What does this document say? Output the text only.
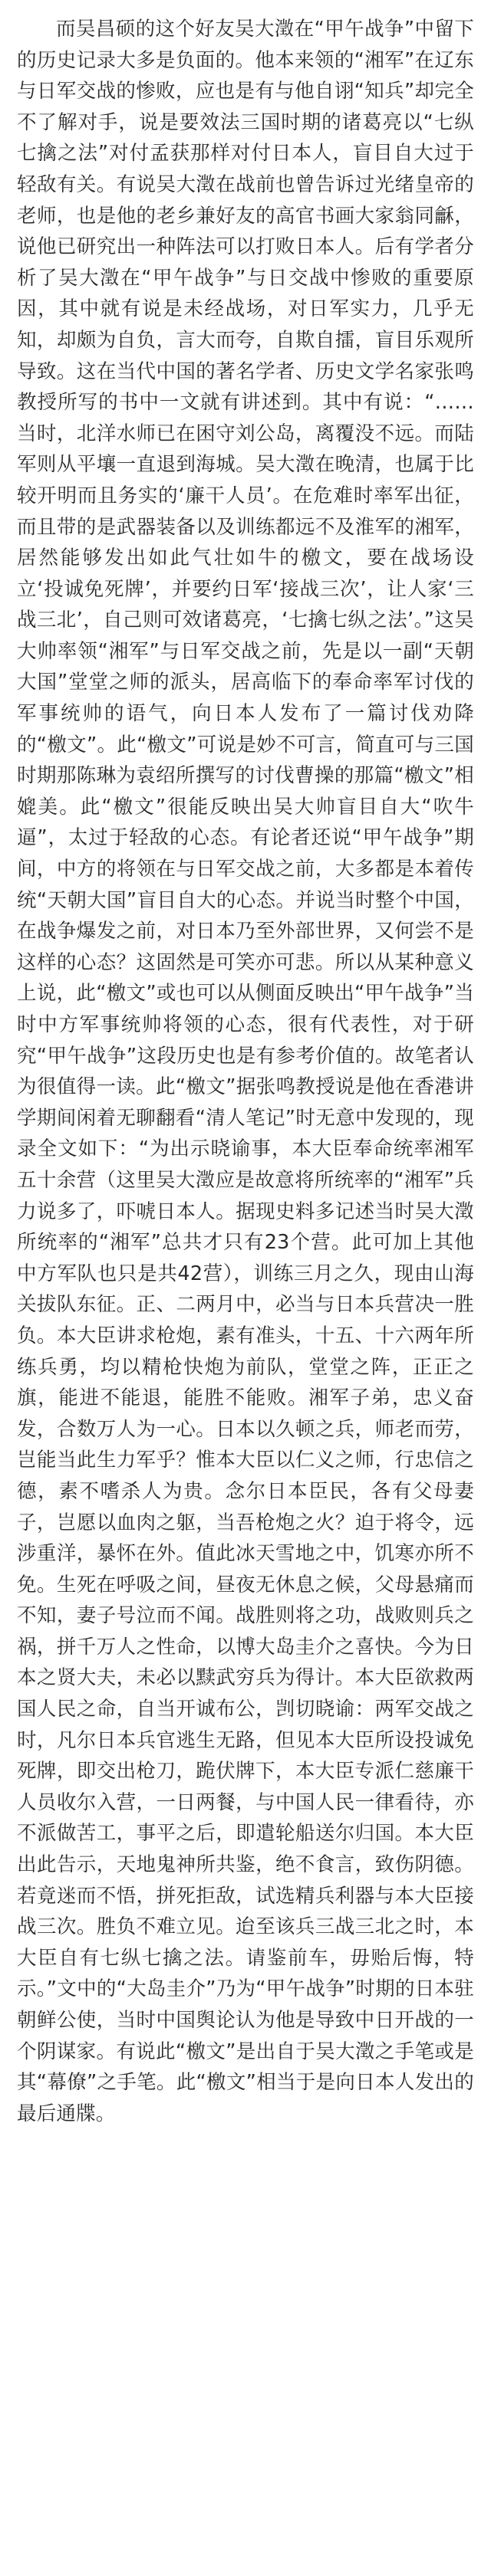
而吴昌硕的这个好友吴大澂在“甲午战争”中留下的历史记录大多是负面的。他本来领的“湘军”在辽东与日军交战的惨败，应也是有与他自诩“知兵”却完全不了解对手，说是要效法三国时期的诸葛亮以“七纵七擒之法”对付孟获那样对付日本人，盲目自大过于轻敌有关。有说吴大澂在战前也曾告诉过光绪皇帝的老师，也是他的老乡兼好友的高官书画大家翁同龢，说他已研究出一种阵法可以打败日本人。后有学者分析了吴大澂在“甲午战争”与日交战中惨败的重要原因，其中就有说是未经战场，对日军实力，几乎无知，却颇为自负，言大而夸，自欺自擂，盲目乐观所导致。这在当代中国的著名学者、历史文学名家张鸣教授所写的书中一文就有讲述到。其中有说：“……当时，北洋水师已在困守刘公岛，离覆没不远。而陆军则从平壤一直退到海城。吴大澂在晚清，也属于比较开明而且务实的‘廉干人员’。在危难时率军出征，而且带的是武器装备以及训练都远不及淮军的湘军，居然能够发出如此气壮如牛的檄文，要在战场设立‘投诚免死牌’，并要约日军‘接战三次’，让人家‘三战三北’，自己则可效诸葛亮，‘七擒七纵之法’。”这吴大帅率领“湘军”与日军交战之前，先是以一副“天朝大国”堂堂之师的派头，居高临下的奉命率军讨伐的军事统帅的语气，向日本人发布了一篇讨伐劝降的“檄文”。此“檄文”可说是妙不可言，简直可与三国时期那陈琳为袁绍所撰写的讨伐曹操的那篇“檄文”相媲美。此“檄文”很能反映出吴大帅盲目自大“吹牛逼”，太过于轻敌的心态。有论者还说“甲午战争”期间，中方的将领在与日军交战之前，大多都是本着传统“天朝大国”盲目自大的心态。并说当时整个中国，在战争爆发之前，对日本乃至外部世界，又何尝不是这样的心态？这固然是可笑亦可悲。所以从某种意义上说，此“檄文”或也可以从侧面反映出“甲午战争”当时中方军事统帅将领的心态，很有代表性，对于研究“甲午战争”这段历史也是有参考价值的。故笔者认为很值得一读。此“檄文”据张鸣教授说是他在香港讲学期间闲着无聊翻看“清人笔记”时无意中发现的，现录全文如下：“为出示晓谕事，本大臣奉命统率湘军五十余营（这里吴大澂应是故意将所统率的“湘军”兵力说多了，吓唬日本人。据现史料多记述当时吴大澂所统率的“湘军”总共才只有23个营。此可加上其他中方军队也只是共42营），训练三月之久，现由山海关拔队东征。正、二两月中，必当与日本兵营决一胜负。本大臣讲求枪炮，素有准头，十五、十六两年所练兵勇，均以精枪快炮为前队，堂堂之阵，正正之旗，能进不能退，能胜不能败。湘军子弟，忠义奋发，合数万人为一心。日本以久顿之兵，师老而劳，岂能当此生力军乎？惟本大臣以仁义之师，行忠信之德，素不嗜杀人为贵。念尔日本臣民，各有父母妻子，岂愿以血肉之躯，当吾枪炮之火？迫于将令，远涉重洋，暴怀在外。值此冰天雪地之中，饥寒亦所不免。生死在呼吸之间，昼夜无休息之候，父母悬痛而不知，妻子号泣而不闻。战胜则将之功，战败则兵之祸，拼千万人之性命，以博大岛圭介之喜快。今为日本之贤大夫，未必以黩武穷兵为得计。本大臣欲救两国人民之命，自当开诚布公，剀切晓谕：两军交战之时，凡尔日本兵官逃生无路，但见本大臣所设投诚免死牌，即交出枪刀，跪伏牌下，本大臣专派仁慈廉干人员收尔入营，一日两餐，与中国人民一律看待，亦不派做苦工，事平之后，即遣轮船送尔归国。本大臣出此告示，天地鬼神所共鉴，绝不食言，致伤阴德。若竟迷而不悟，拼死拒敌，试选精兵利器与本大臣接战三次。胜负不难立见。迨至该兵三战三北之时，本大臣自有七纵七擒之法。请鉴前车，毋贻后悔，特示。”文中的“大岛圭介”乃为“甲午战争”时期的日本驻朝鲜公使，当时中国舆论认为他是导致中日开战的一个阴谋家。有说此“檄文”是出自于吴大澂之手笔或是其“幕僚”之手笔。此“檄文”相当于是向日本人发出的最后通牒。
